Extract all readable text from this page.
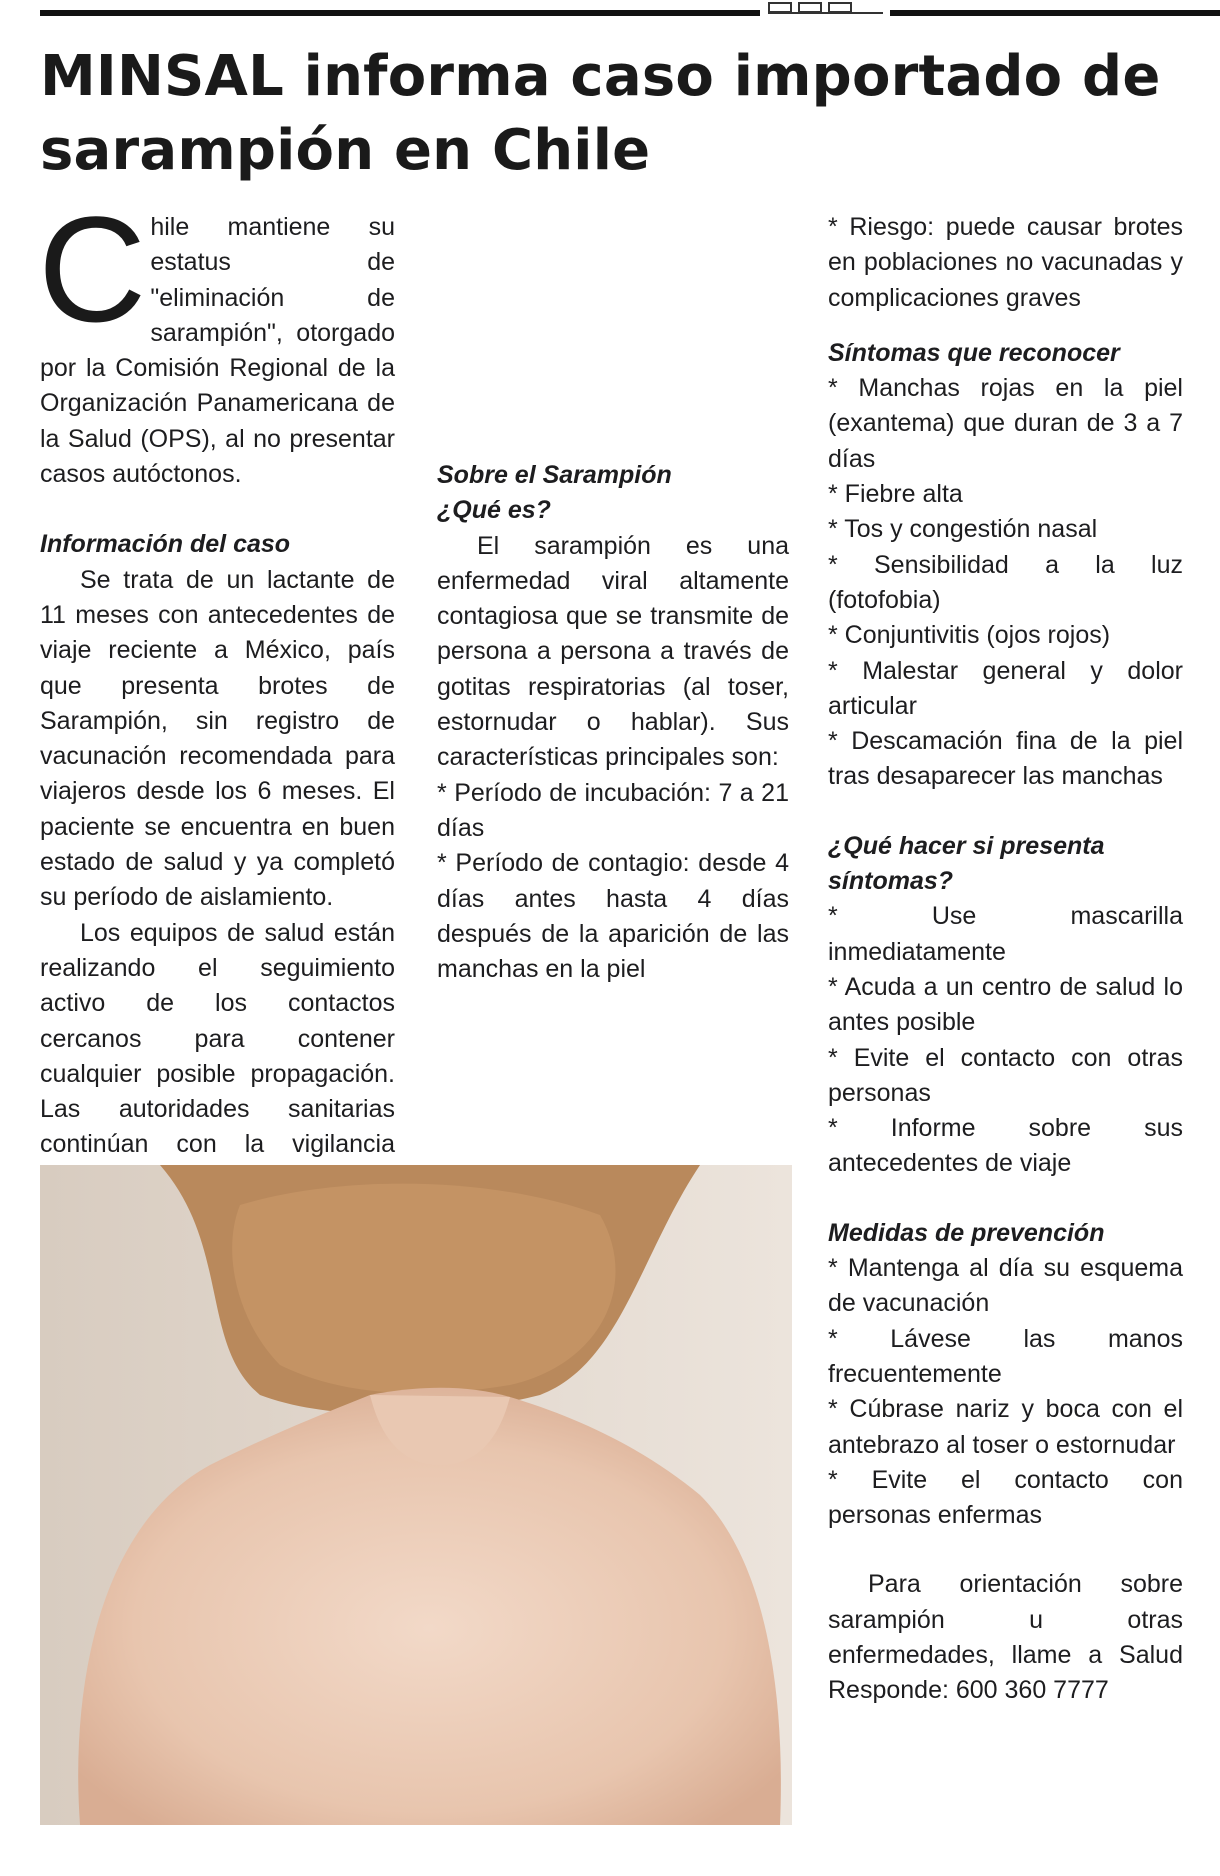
MINSAL informa caso importado de sarampión en Chile

Chile mantiene su estatus de "eliminación de sarampión", otorgado por la Comisión Regional de la Organización Panamericana de la Salud (OPS), al no presentar casos autóctonos.

Información del caso

Se trata de un lactante de 11 meses con antecedentes de viaje reciente a México, país que presenta brotes de Sarampión, sin registro de vacunación recomendada para viajeros desde los 6 meses. El paciente se encuentra en buen estado de salud y ya completó su período de aislamiento.

Los equipos de salud están realizando el seguimiento activo de los contactos cercanos para contener cualquier posible propagación. Las autoridades sanitarias continúan con la vigilancia

* Riesgo: puede causar brotes en poblaciones no vacunadas y complicaciones graves

Síntomas que reconocer

* Manchas rojas en la piel (exantema) que duran de 3 a 7 días

* Fiebre alta

* Tos y congestión nasal

* Sensibilidad a la luz (fotofobia)

* Conjuntivitis (ojos rojos)

* Malestar general y dolor articular

* Descamación fina de la piel tras desaparecer las manchas

¿Qué hacer si presenta síntomas?

* Use mascarilla inmediatamente

* Acuda a un centro de salud lo antes posible

* Evite el contacto con otras personas

* Informe sobre sus antecedentes de viaje

Medidas de prevención

* Mantenga al día su esquema de vacunación

* Lávese las manos frecuentemente

* Cúbrase nariz y boca con el antebrazo al toser o estornudar

* Evite el contacto con personas enfermas

Para orientación sobre sarampión u otras enfermedades, llame a Salud Responde: 600 360 7777

Sobre el Sarampión

¿Qué es?

El sarampión es una enfermedad viral altamente contagiosa que se transmite de persona a persona a través de gotitas respiratorias (al toser, estornudar o hablar). Sus características principales son:

* Período de incubación: 7 a 21 días

* Período de contagio: desde 4 días antes hasta 4 días después de la aparición de las manchas en la piel
